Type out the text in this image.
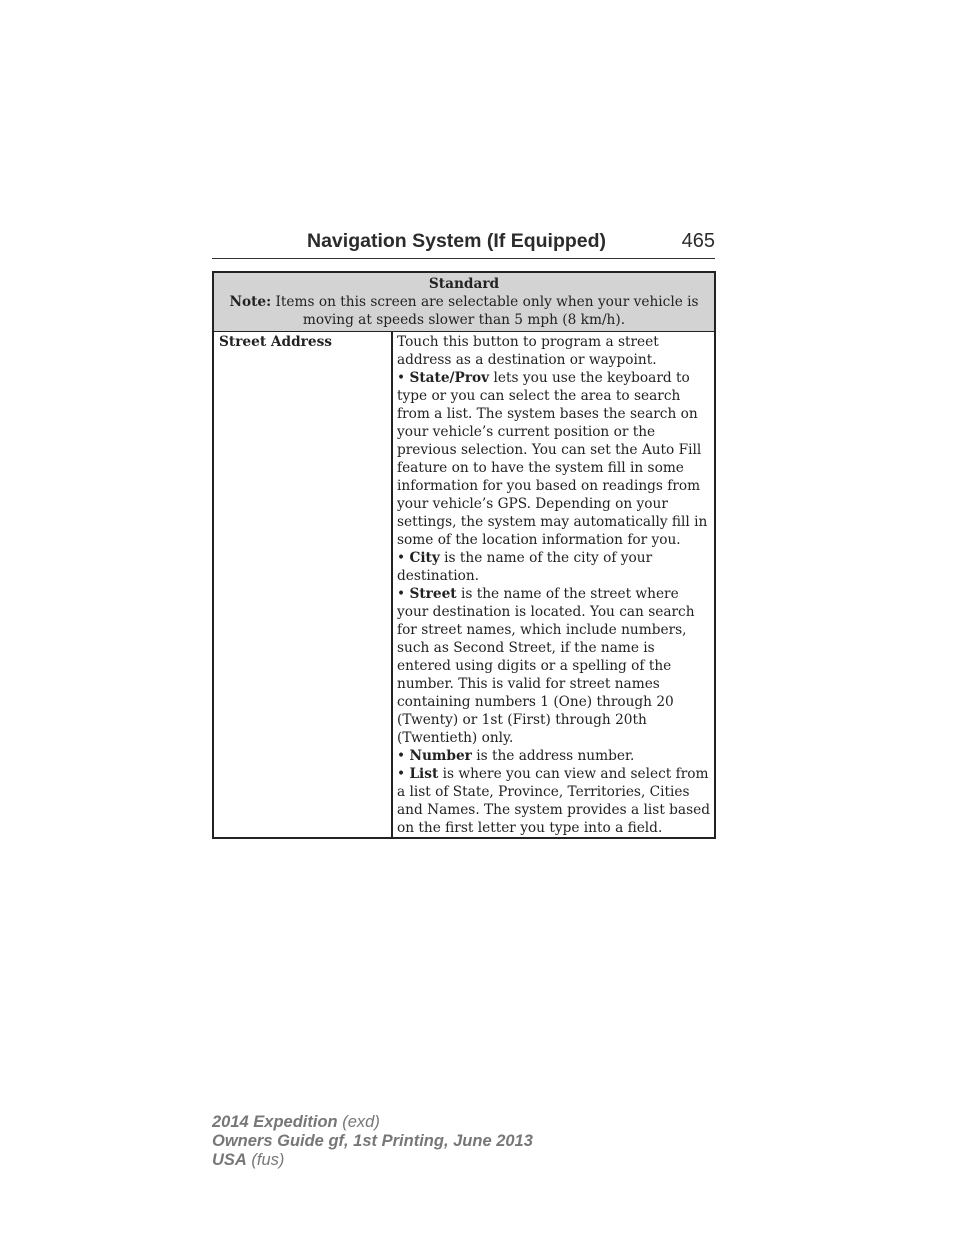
Navigation System (If Equipped)	465
Standard
Note: Items on this screen are selectable only when your vehicle is moving at speeds slower than 5 mph (8 km/h).
Street Address	Touch this button to program a street address as a destination or waypoint.

• State/Prov lets you use the keyboard to type or you can select the area to search from a list. The system bases the search on your vehicle’s current position or the previous selection. You can set the Auto Fill feature on to have the system fill in some information for you based on readings from your vehicle’s GPS. Depending on your settings, the system may automatically fill in some of the location information for you.

• City is the name of the city of your destination.

• Street is the name of the street where your destination is located. You can search for street names, which include numbers, such as Second Street, if the name is entered using digits or a spelling of the number. This is valid for street names containing numbers 1 (One) through 20 (Twenty) or 1st (First) through 20th (Twentieth) only.

• Number is the address number.

• List is where you can view and select from a list of State, Province, Territories, Cities and Names. The system provides a list based on the first letter you type into a field.

2014 Expedition (exd)
Owners Guide gf, 1st Printing, June 2013
USA (fus)
